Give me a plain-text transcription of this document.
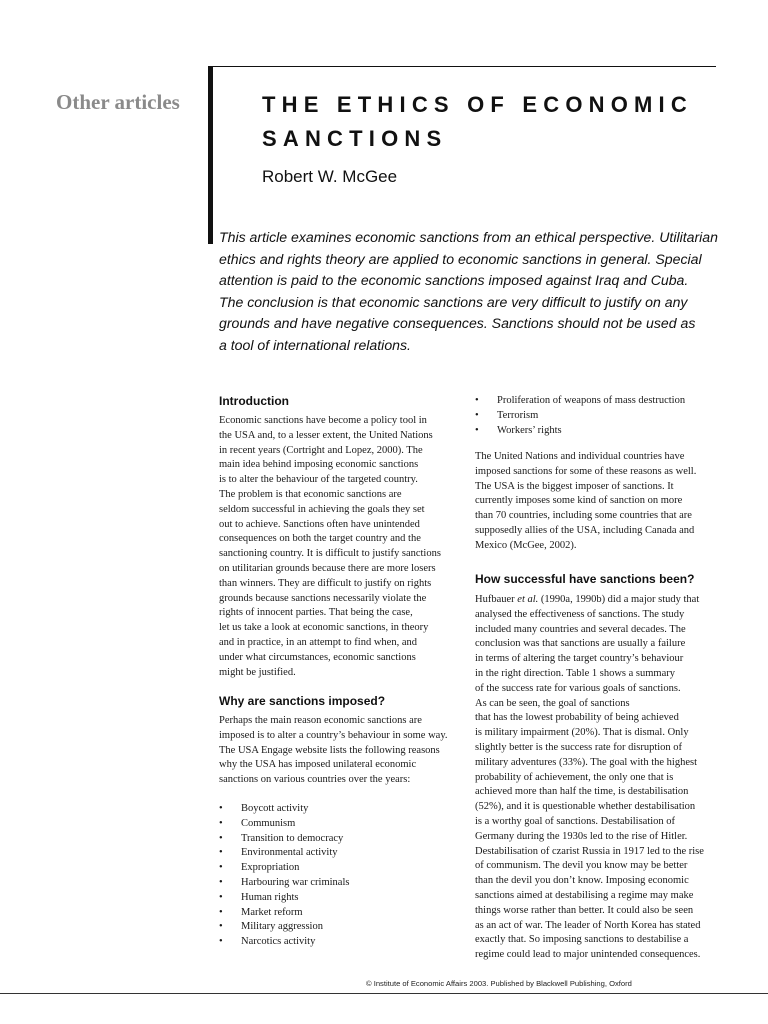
Other articles	THE ETHICS OF ECONOMIC
SANCTIONS
Robert W. McGee
This article examines economic sanctions from an ethical perspective. Utilitarian
ethics and rights theory are applied to economic sanctions in general. Special
attention is paid to the economic sanctions imposed against Iraq and Cuba.
The conclusion is that economic sanctions are very difficult to justify on any
grounds and have negative consequences. Sanctions should not be used as
a tool of international relations.
Introduction
Economic sanctions have become a policy tool in
the USA and, to a lesser extent, the United Nations
in recent years (Cortright and Lopez, 2000). The
main idea behind imposing economic sanctions
is to alter the behaviour of the targeted country.
The problem is that economic sanctions are
seldom successful in achieving the goals they set
out to achieve. Sanctions often have unintended
consequences on both the target country and the
sanctioning country. It is difficult to justify sanctions
on utilitarian grounds because there are more losers
than winners. They are difficult to justify on rights
grounds because sanctions necessarily violate the
rights of innocent parties. That being the case,
let us take a look at economic sanctions, in theory
and in practice, in an attempt to find when, and
under what circumstances, economic sanctions
might be justified.
Why are sanctions imposed?
Perhaps the main reason economic sanctions are
imposed is to alter a country’s behaviour in some way.
The USA Engage website lists the following reasons
why the USA has imposed unilateral economic
sanctions on various countries over the years:
• Boycott activity
• Communism
• Transition to democracy
• Environmental activity
• Expropriation
• Harbouring war criminals
• Human rights
• Market reform
• Military aggression
• Narcotics activity
• Proliferation of weapons of mass destruction
• Terrorism
• Workers’ rights
The United Nations and individual countries have
imposed sanctions for some of these reasons as well.
The USA is the biggest imposer of sanctions. It
currently imposes some kind of sanction on more
than 70 countries, including some countries that are
supposedly allies of the USA, including Canada and
Mexico (McGee, 2002).
How successful have sanctions been?
Hufbauer et al. (1990a, 1990b) did a major study that
analysed the effectiveness of sanctions. The study
included many countries and several decades. The
conclusion was that sanctions are usually a failure
in terms of altering the target country’s behaviour
in the right direction. Table 1 shows a summary
of the success rate for various goals of sanctions.
As can be seen, the goal of sanctions
that has the lowest probability of being achieved
is military impairment (20%). That is dismal. Only
slightly better is the success rate for disruption of
military adventures (33%). The goal with the highest
probability of achievement, the only one that is
achieved more than half the time, is destabilisation
(52%), and it is questionable whether destabilisation
is a worthy goal of sanctions. Destabilisation of
Germany during the 1930s led to the rise of Hitler.
Destabilisation of czarist Russia in 1917 led to the rise
of communism. The devil you know may be better
than the devil you don’t know. Imposing economic
sanctions aimed at destabilising a regime may make
things worse rather than better. It could also be seen
as an act of war. The leader of North Korea has stated
exactly that. So imposing sanctions to destabilise a
regime could lead to major unintended consequences.
© Institute of Economic Affairs 2003. Published by Blackwell Publishing, Oxford
